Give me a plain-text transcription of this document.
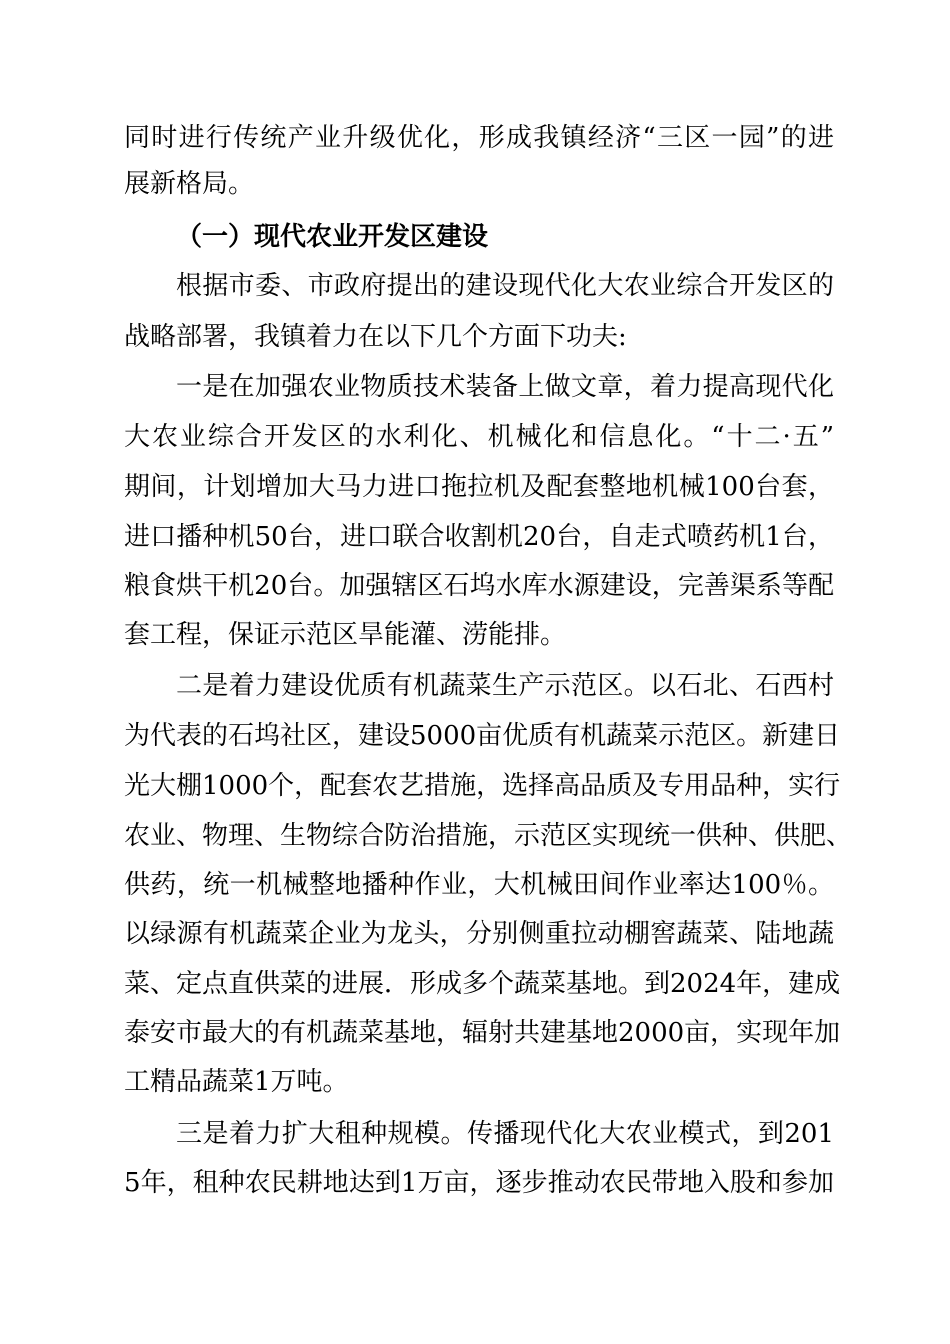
同时进行传统产业升级优化，形成我镇经济“三区一园”的进
展新格局。
（一）现代农业开发区建设
根据市委、市政府提出的建设现代化大农业综合开发区的
战略部署，我镇着力在以下几个方面下功夫:
一是在加强农业物质技术装备上做文章，着力提高现代化
大农业综合开发区的水利化、机械化和信息化。“十二·五”
期间，计划增加大马力进口拖拉机及配套整地机械100台套，
进口播种机50台，进口联合收割机20台，自走式喷药机1台，
粮食烘干机20台。加强辖区石坞水库水源建设，完善渠系等配
套工程，保证示范区旱能灌、涝能排。
二是着力建设优质有机蔬菜生产示范区。以石北、石西村
为代表的石坞社区，建设5000亩优质有机蔬菜示范区。新建日
光大棚1000个，配套农艺措施，选择高品质及专用品种，实行
农业、物理、生物综合防治措施，示范区实现统一供种、供肥、
供药，统一机械整地播种作业，大机械田间作业率达100％。
以绿源有机蔬菜企业为龙头，分别侧重拉动棚窖蔬菜、陆地蔬
菜、定点直供菜的进展．形成多个蔬菜基地。到2024年，建成
泰安市最大的有机蔬菜基地，辐射共建基地2000亩，实现年加
工精品蔬菜1万吨。
三是着力扩大租种规模。传播现代化大农业模式，到201
5年，租种农民耕地达到1万亩，逐步推动农民带地入股和参加
